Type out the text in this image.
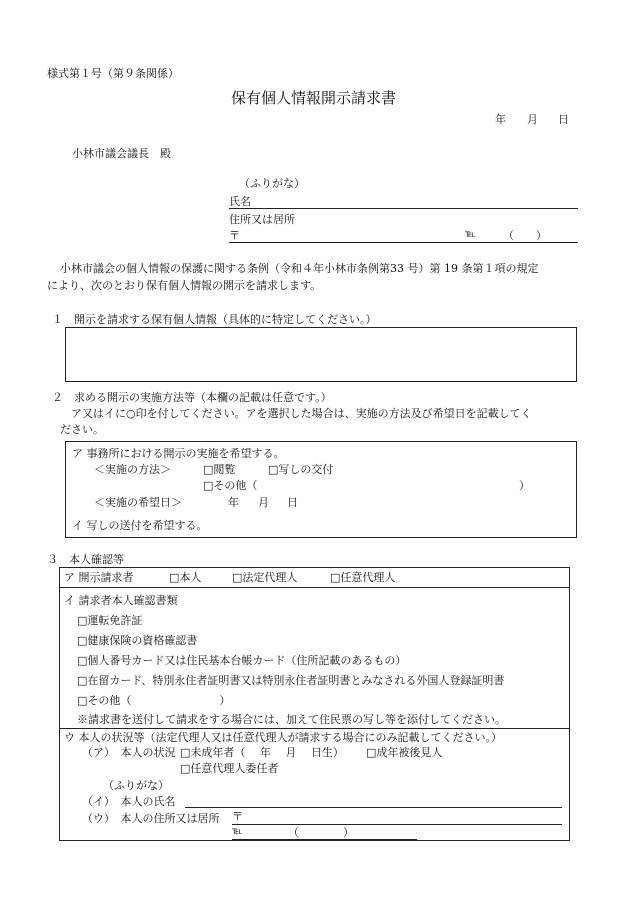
様式第１号（第９条関係）
保有個人情報開示請求書
年 月 日
小林市議会議長　殿
（ふりがな）
氏名
住所又は居所
〒	℡ （　　）
小林市議会の個人情報の保護に関する条例（令和４年小林市条例第33 号）第 19 条第１項の規定
により、次のとおり保有個人情報の開示を請求します。
１　開示を請求する保有個人情報（具体的に特定してください。）
２　求める開示の実施方法等（本欄の記載は任意です。）
ア又はイに○印を付してください。アを選択した場合は、実施の方法及び希望日を記載してく
ださい。
ア 事務所における開示の実施を希望する。
＜実施の方法＞	□閲覧	□写しの交付
□その他（	）
＜実施の希望日＞	年 月 日
イ 写しの送付を希望する。
３　本人確認等
ア 開示請求者	□本人	□法定代理人	□任意代理人
イ 請求者本人確認書類
□運転免許証
□健康保険の資格確認書
□個人番号カード又は住民基本台帳カード（住所記載のあるもの）
□在留カード、特別永住者証明書又は特別永住者証明書とみなされる外国人登録証明書
□その他（　　　　　　　　）
※請求書を送付して請求をする場合には、加えて住民票の写し等を添付してください。
ウ 本人の状況等（法定代理人又は任意代理人が請求する場合にのみ記載してください。）
（ア）　本人の状況 □未成年者（　 年　 月　 日生） □成年被後見人
□任意代理人委任者
（ふりがな）
（イ）　本人の氏名
（ウ）　本人の住所又は居所 〒
℡	（　　　　）
